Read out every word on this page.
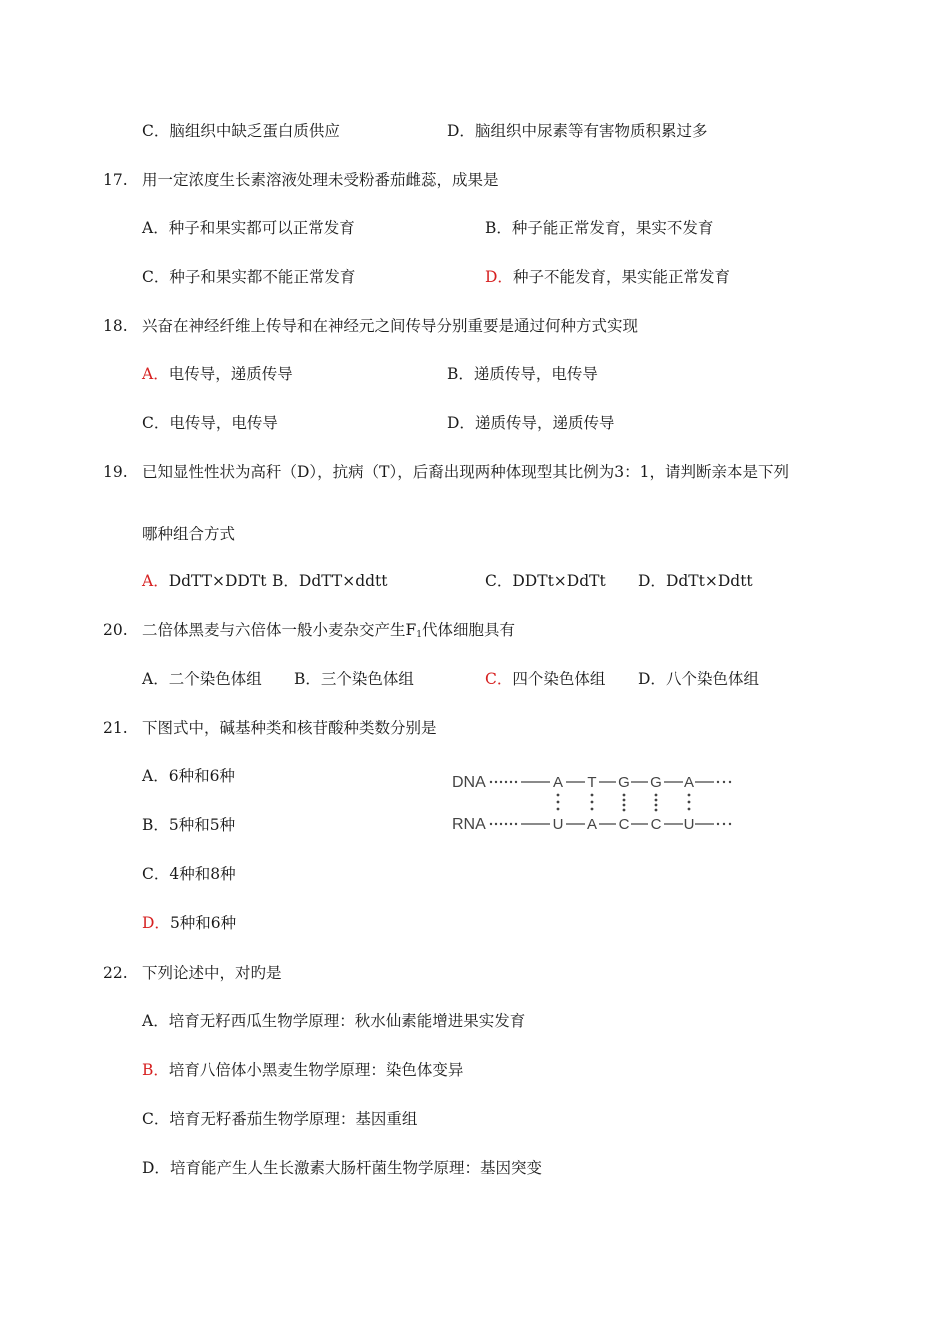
C．脑组织中缺乏蛋白质供应	D．脑组织中尿素等有害物质积累过多
17. 用一定浓度生长素溶液处理未受粉番茄雌蕊，成果是
A．种子和果实都可以正常发育	B．种子能正常发育，果实不发育
C．种子和果实都不能正常发育	D．种子不能发育，果实能正常发育
18. 兴奋在神经纤维上传导和在神经元之间传导分别重要是通过何种方式实现
A．电传导，递质传导	B．递质传导，电传导
C．电传导，电传导	D．递质传导，递质传导
19. 已知显性性状为高秆（D），抗病（T），后裔出现两种体现型其比例为3：1，请判断亲本是下列
哪种组合方式
A．DdTT×DDTt B．DdTT×ddtt	C．DDTt×DdTt D．DdTt×Ddtt
20. 二倍体黑麦与六倍体一般小麦杂交产生$F_1$代体细胞具有
A．二个染色体组 B．三个染色体组	C．四个染色体组 D．八个染色体组
21. 下图式中，碱基种类和核苷酸种类数分别是
A．6种和6种
B．5种和5种
C．4种和8种
D．5种和6种
DNA
RNA
A T G G A
U A C C U
22. 下列论述中，对旳是
A．培育无籽西瓜生物学原理：秋水仙素能增进果实发育
B．培育八倍体小黑麦生物学原理：染色体变异
C．培育无籽番茄生物学原理：基因重组
D．培育能产生人生长激素大肠杆菌生物学原理：基因突变
